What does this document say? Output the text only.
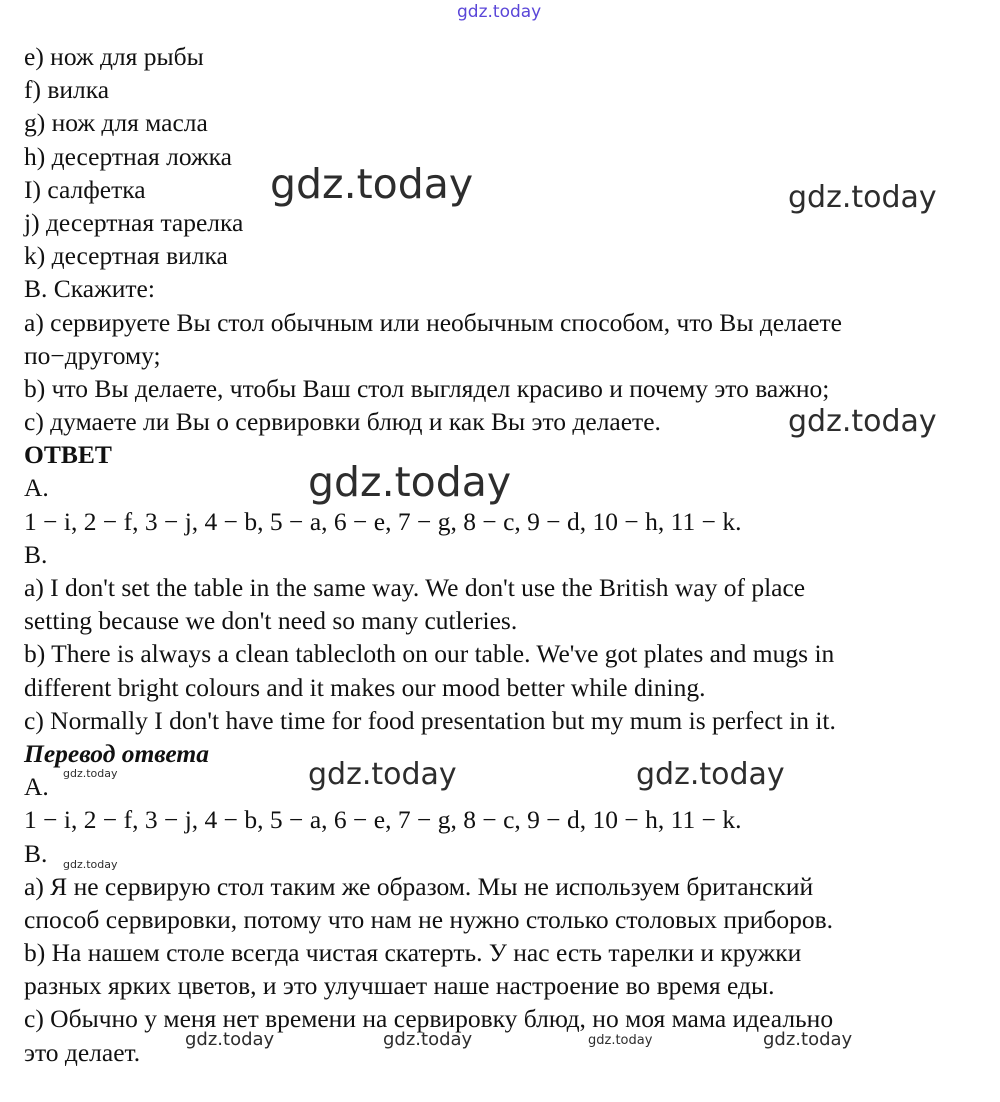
gdz.today
e) нож для рыбы
f) вилка
g) нож для масла
h) десертная ложка
I) салфетка
j) десертная тарелка
k) десертная вилка
B. Скажите:
а) сервируете Вы стол обычным или необычным способом, что Вы делаете
по−другому;
b) что Вы делаете, чтобы Ваш стол выглядел красиво и почему это важно;
c) думаете ли Вы о сервировки блюд и как Вы это делаете.
ОТВЕТ
A.
1 − i, 2 − f, 3 − j, 4 − b, 5 − a, 6 − e, 7 − g, 8 − c, 9 − d, 10 − h, 11 − k.
B.
a) I don't set the table in the same way. We don't use the British way of place
setting because we don't need so many cutleries.
b) There is always a clean tablecloth on our table. We've got plates and mugs in
different bright colours and it makes our mood better while dining.
c) Normally I don't have time for food presentation but my mum is perfect in it.
Перевод ответа
A.
1 − i, 2 − f, 3 − j, 4 − b, 5 − a, 6 − e, 7 − g, 8 − c, 9 − d, 10 − h, 11 − k.
B.
a) Я не сервирую стол таким же образом. Мы не используем британский
способ сервировки, потому что нам не нужно столько столовых приборов.
b) На нашем столе всегда чистая скатерть. У нас есть тарелки и кружки
разных ярких цветов, и это улучшает наше настроение во время еды.
c) Обычно у меня нет времени на сервировку блюд, но моя мама идеально
это делает.
gdz.today	gdz.today
gdz.today
gdz.today
gdz.today	gdz.today	gdz.today
gdz.today
gdz.today	gdz.today	gdz.today	gdz.today
